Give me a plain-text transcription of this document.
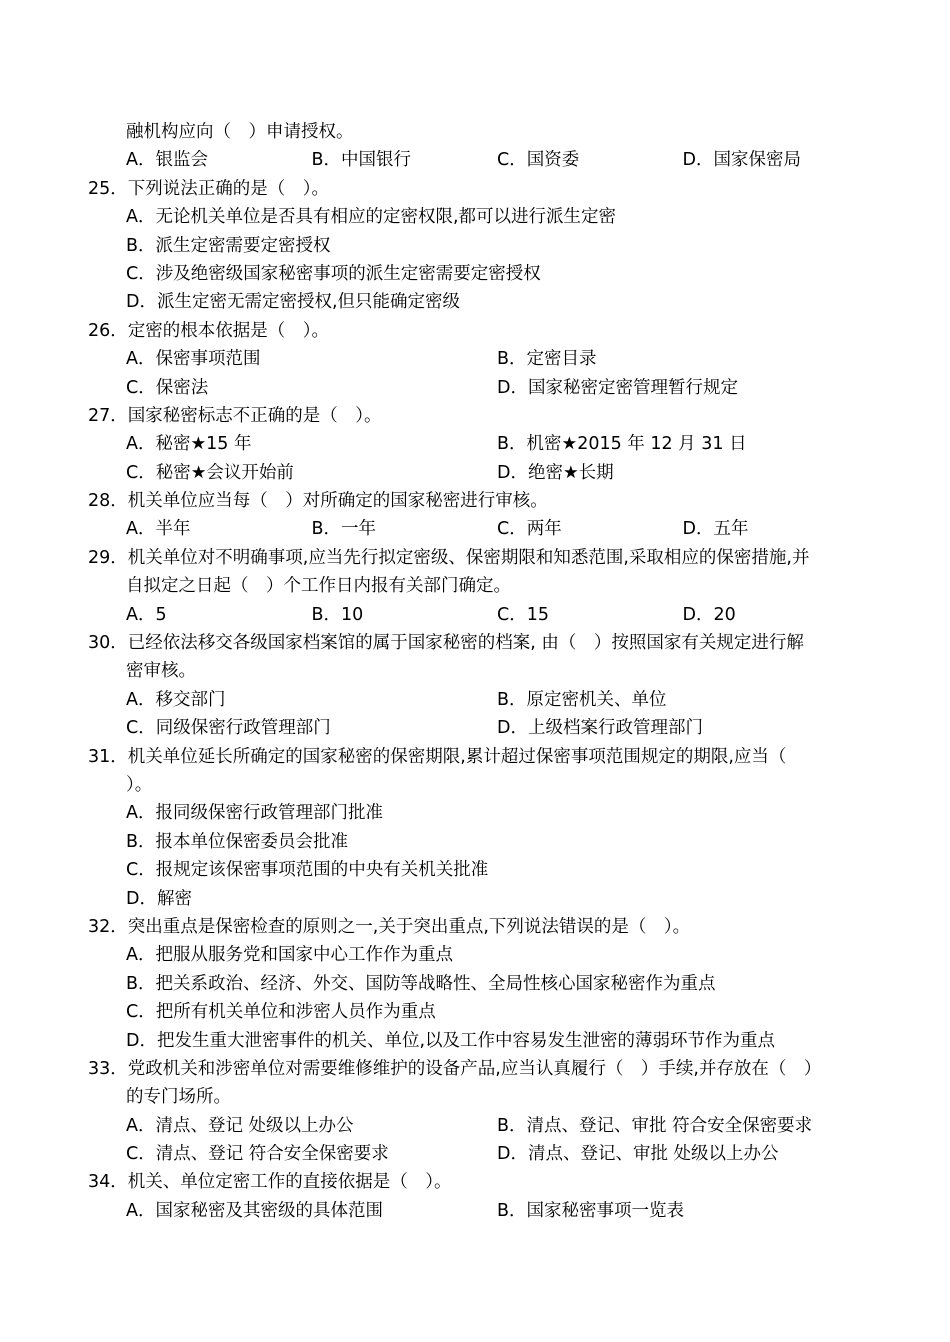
融机构应向（　）申请授权。
A．银监会	B．中国银行	C．国资委	D．国家保密局
25．下列说法正确的是（　）。
A．无论机关单位是否具有相应的定密权限,都可以进行派生定密
B．派生定密需要定密授权
C．涉及绝密级国家秘密事项的派生定密需要定密授权
D．派生定密无需定密授权,但只能确定密级
26．定密的根本依据是（　）。
A．保密事项范围	B．定密目录
C．保密法	D．国家秘密定密管理暂行规定
27．国家秘密标志不正确的是（　）。
A．秘密★15 年	B．机密★2015 年 12 月 31 日
C．秘密★会议开始前	D．绝密★长期
28．机关单位应当每（　）对所确定的国家秘密进行审核。
A．半年	B．一年	C．两年	D．五年
29．机关单位对不明确事项,应当先行拟定密级、保密期限和知悉范围,采取相应的保密措施,并
自拟定之日起（　）个工作日内报有关部门确定。
A．5	B．10	C．15	D．20
30．已经依法移交各级国家档案馆的属于国家秘密的档案, 由（　）按照国家有关规定进行解
密审核。
A．移交部门	B．原定密机关、单位
C．同级保密行政管理部门	D．上级档案行政管理部门
31．机关单位延长所确定的国家秘密的保密期限,累计超过保密事项范围规定的期限,应当（
）。
A．报同级保密行政管理部门批准
B．报本单位保密委员会批准
C．报规定该保密事项范围的中央有关机关批准
D．解密
32．突出重点是保密检查的原则之一,关于突出重点,下列说法错误的是（　）。
A．把服从服务党和国家中心工作作为重点
B．把关系政治、经济、外交、国防等战略性、全局性核心国家秘密作为重点
C．把所有机关单位和涉密人员作为重点
D．把发生重大泄密事件的机关、单位,以及工作中容易发生泄密的薄弱环节作为重点
33．党政机关和涉密单位对需要维修维护的设备产品,应当认真履行（　）手续,并存放在（　）
的专门场所。
A．清点、登记 处级以上办公	B．清点、登记、审批 符合安全保密要求
C．清点、登记 符合安全保密要求	D．清点、登记、审批 处级以上办公
34．机关、单位定密工作的直接依据是（　）。
A．国家秘密及其密级的具体范围	B．国家秘密事项一览表
